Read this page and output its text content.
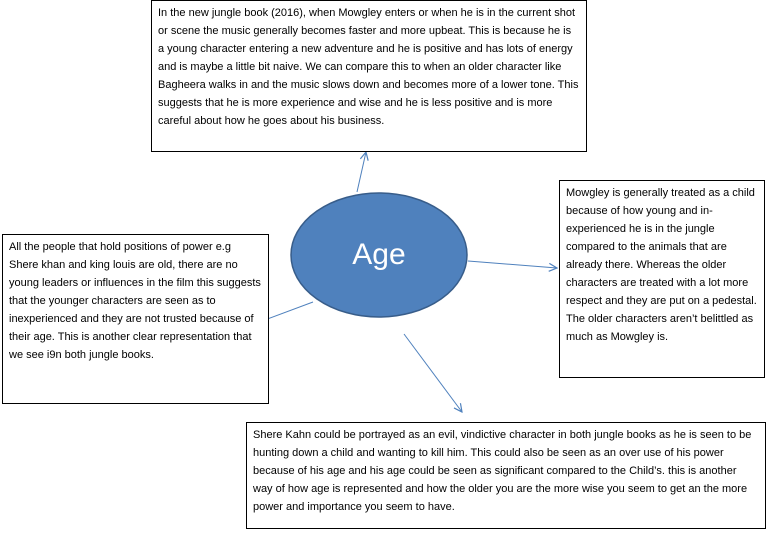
Age
In the new jungle book (2016), when Mowgley enters or when he is in the current shot or scene the music generally becomes faster and more upbeat. This is because he is a young character entering a new adventure and he is positive and has lots of energy and is maybe a little bit naive. We can compare this to when an older character like Bagheera walks in and the music slows down and becomes more of a lower tone. This suggests that he is more experience and wise and he is less positive and is more careful about how he goes about his business.
Mowgley is generally treated as a child because of how young and in-experienced he is in the jungle compared to the animals that are already there. Whereas the older characters are treated with a lot more respect and they are put on a pedestal. The older characters aren’t belittled as much as Mowgley is.
All the people that hold positions of power e.g Shere khan and king louis are old, there are no young leaders or influences in the film this suggests that the younger characters are seen as to inexperienced and they are not trusted because of their age. This is another clear representation that we see i9n both jungle books.
Shere Kahn could be portrayed as an evil, vindictive character in both jungle books as he is seen to be hunting down a child and wanting to kill him. This could also be seen as an over use of his power because of his age and his age could be seen as significant compared to the Child’s. this is another way of how age is represented and how the older you are the more wise you seem to get an the more power and importance you seem to have.
